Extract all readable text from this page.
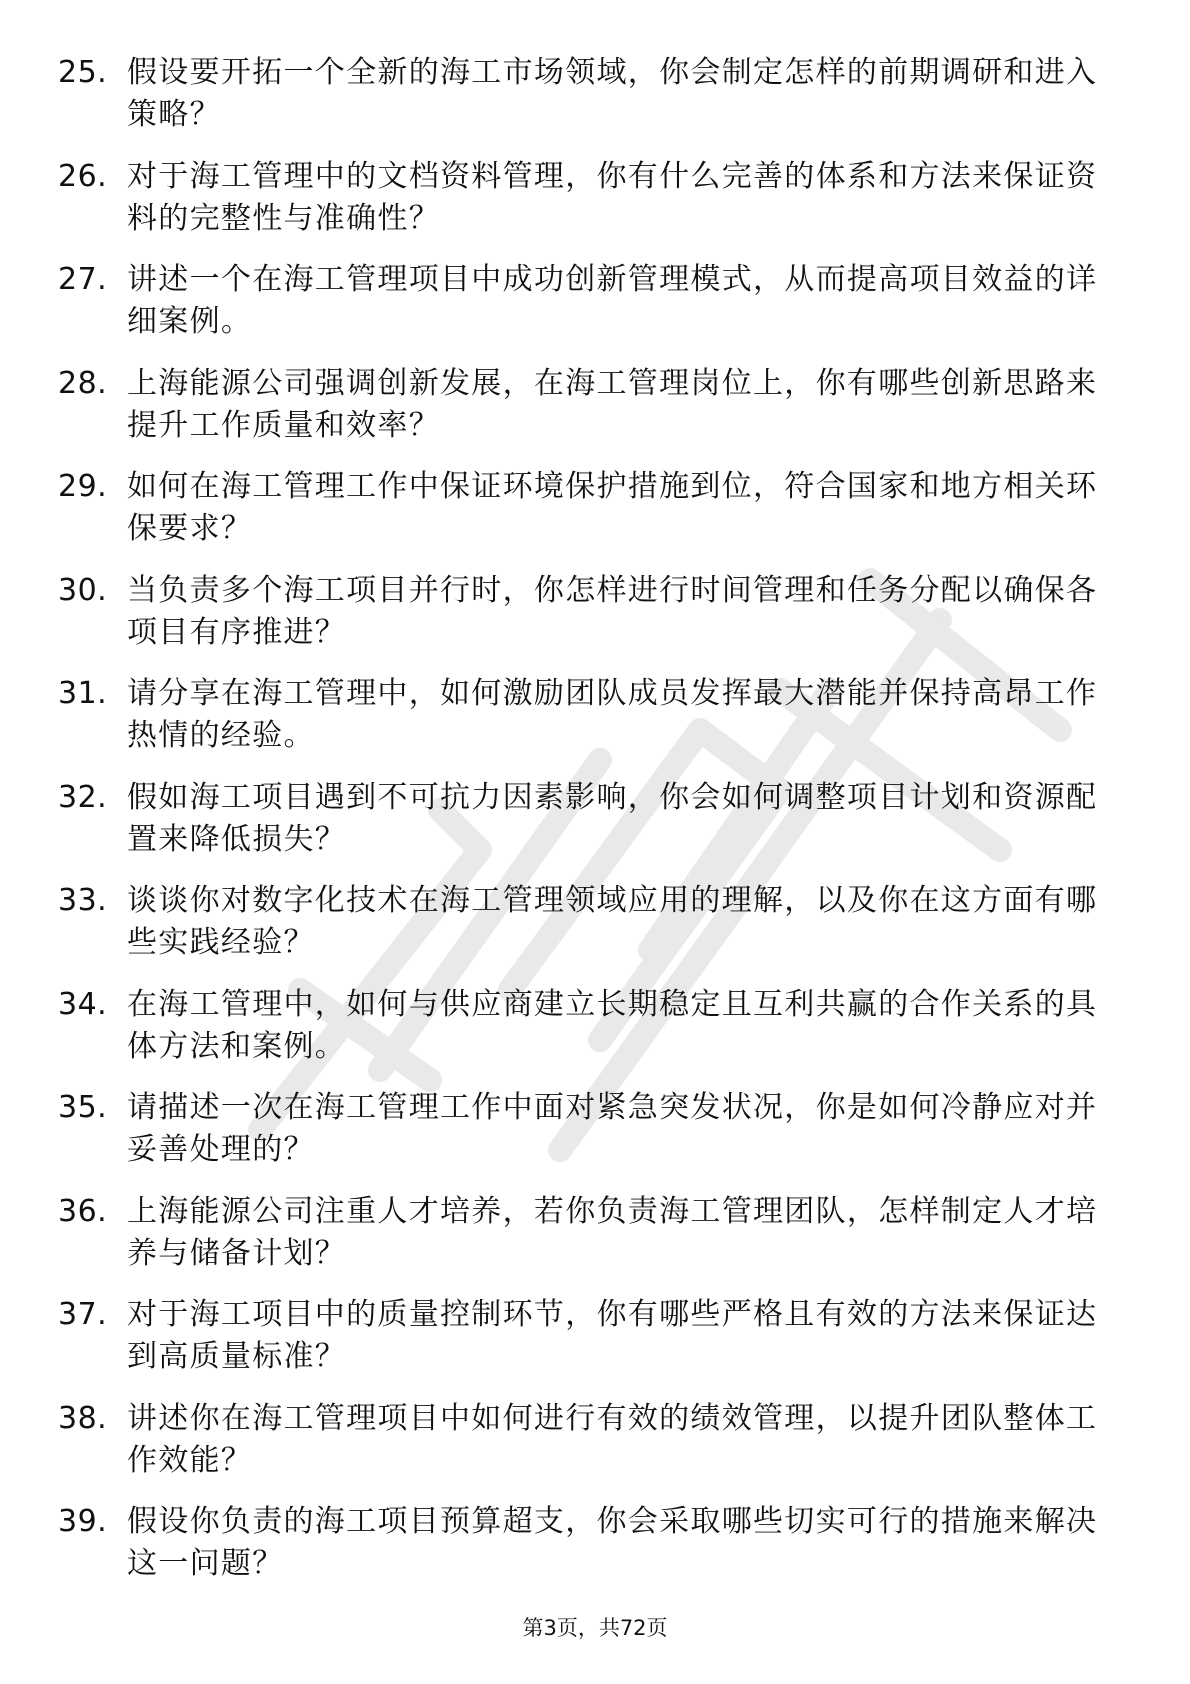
25. 假设要开拓一个全新的海工市场领域，你会制定怎样的前期调研和进入策略？
26. 对于海工管理中的文档资料管理，你有什么完善的体系和方法来保证资料的完整性与准确性？
27. 讲述一个在海工管理项目中成功创新管理模式，从而提高项目效益的详细案例。
28. 上海能源公司强调创新发展，在海工管理岗位上，你有哪些创新思路来提升工作质量和效率？
29. 如何在海工管理工作中保证环境保护措施到位，符合国家和地方相关环保要求？
30. 当负责多个海工项目并行时，你怎样进行时间管理和任务分配以确保各项目有序推进？
31. 请分享在海工管理中，如何激励团队成员发挥最大潜能并保持高昂工作热情的经验。
32. 假如海工项目遇到不可抗力因素影响，你会如何调整项目计划和资源配置来降低损失？
33. 谈谈你对数字化技术在海工管理领域应用的理解，以及你在这方面有哪些实践经验？
34. 在海工管理中，如何与供应商建立长期稳定且互利共赢的合作关系的具体方法和案例。
35. 请描述一次在海工管理工作中面对紧急突发状况，你是如何冷静应对并妥善处理的？
36. 上海能源公司注重人才培养，若你负责海工管理团队，怎样制定人才培养与储备计划？
37. 对于海工项目中的质量控制环节，你有哪些严格且有效的方法来保证达到高质量标准？
38. 讲述你在海工管理项目中如何进行有效的绩效管理，以提升团队整体工作效能？
39. 假设你负责的海工项目预算超支，你会采取哪些切实可行的措施来解决这一问题？
第3页，共72页
